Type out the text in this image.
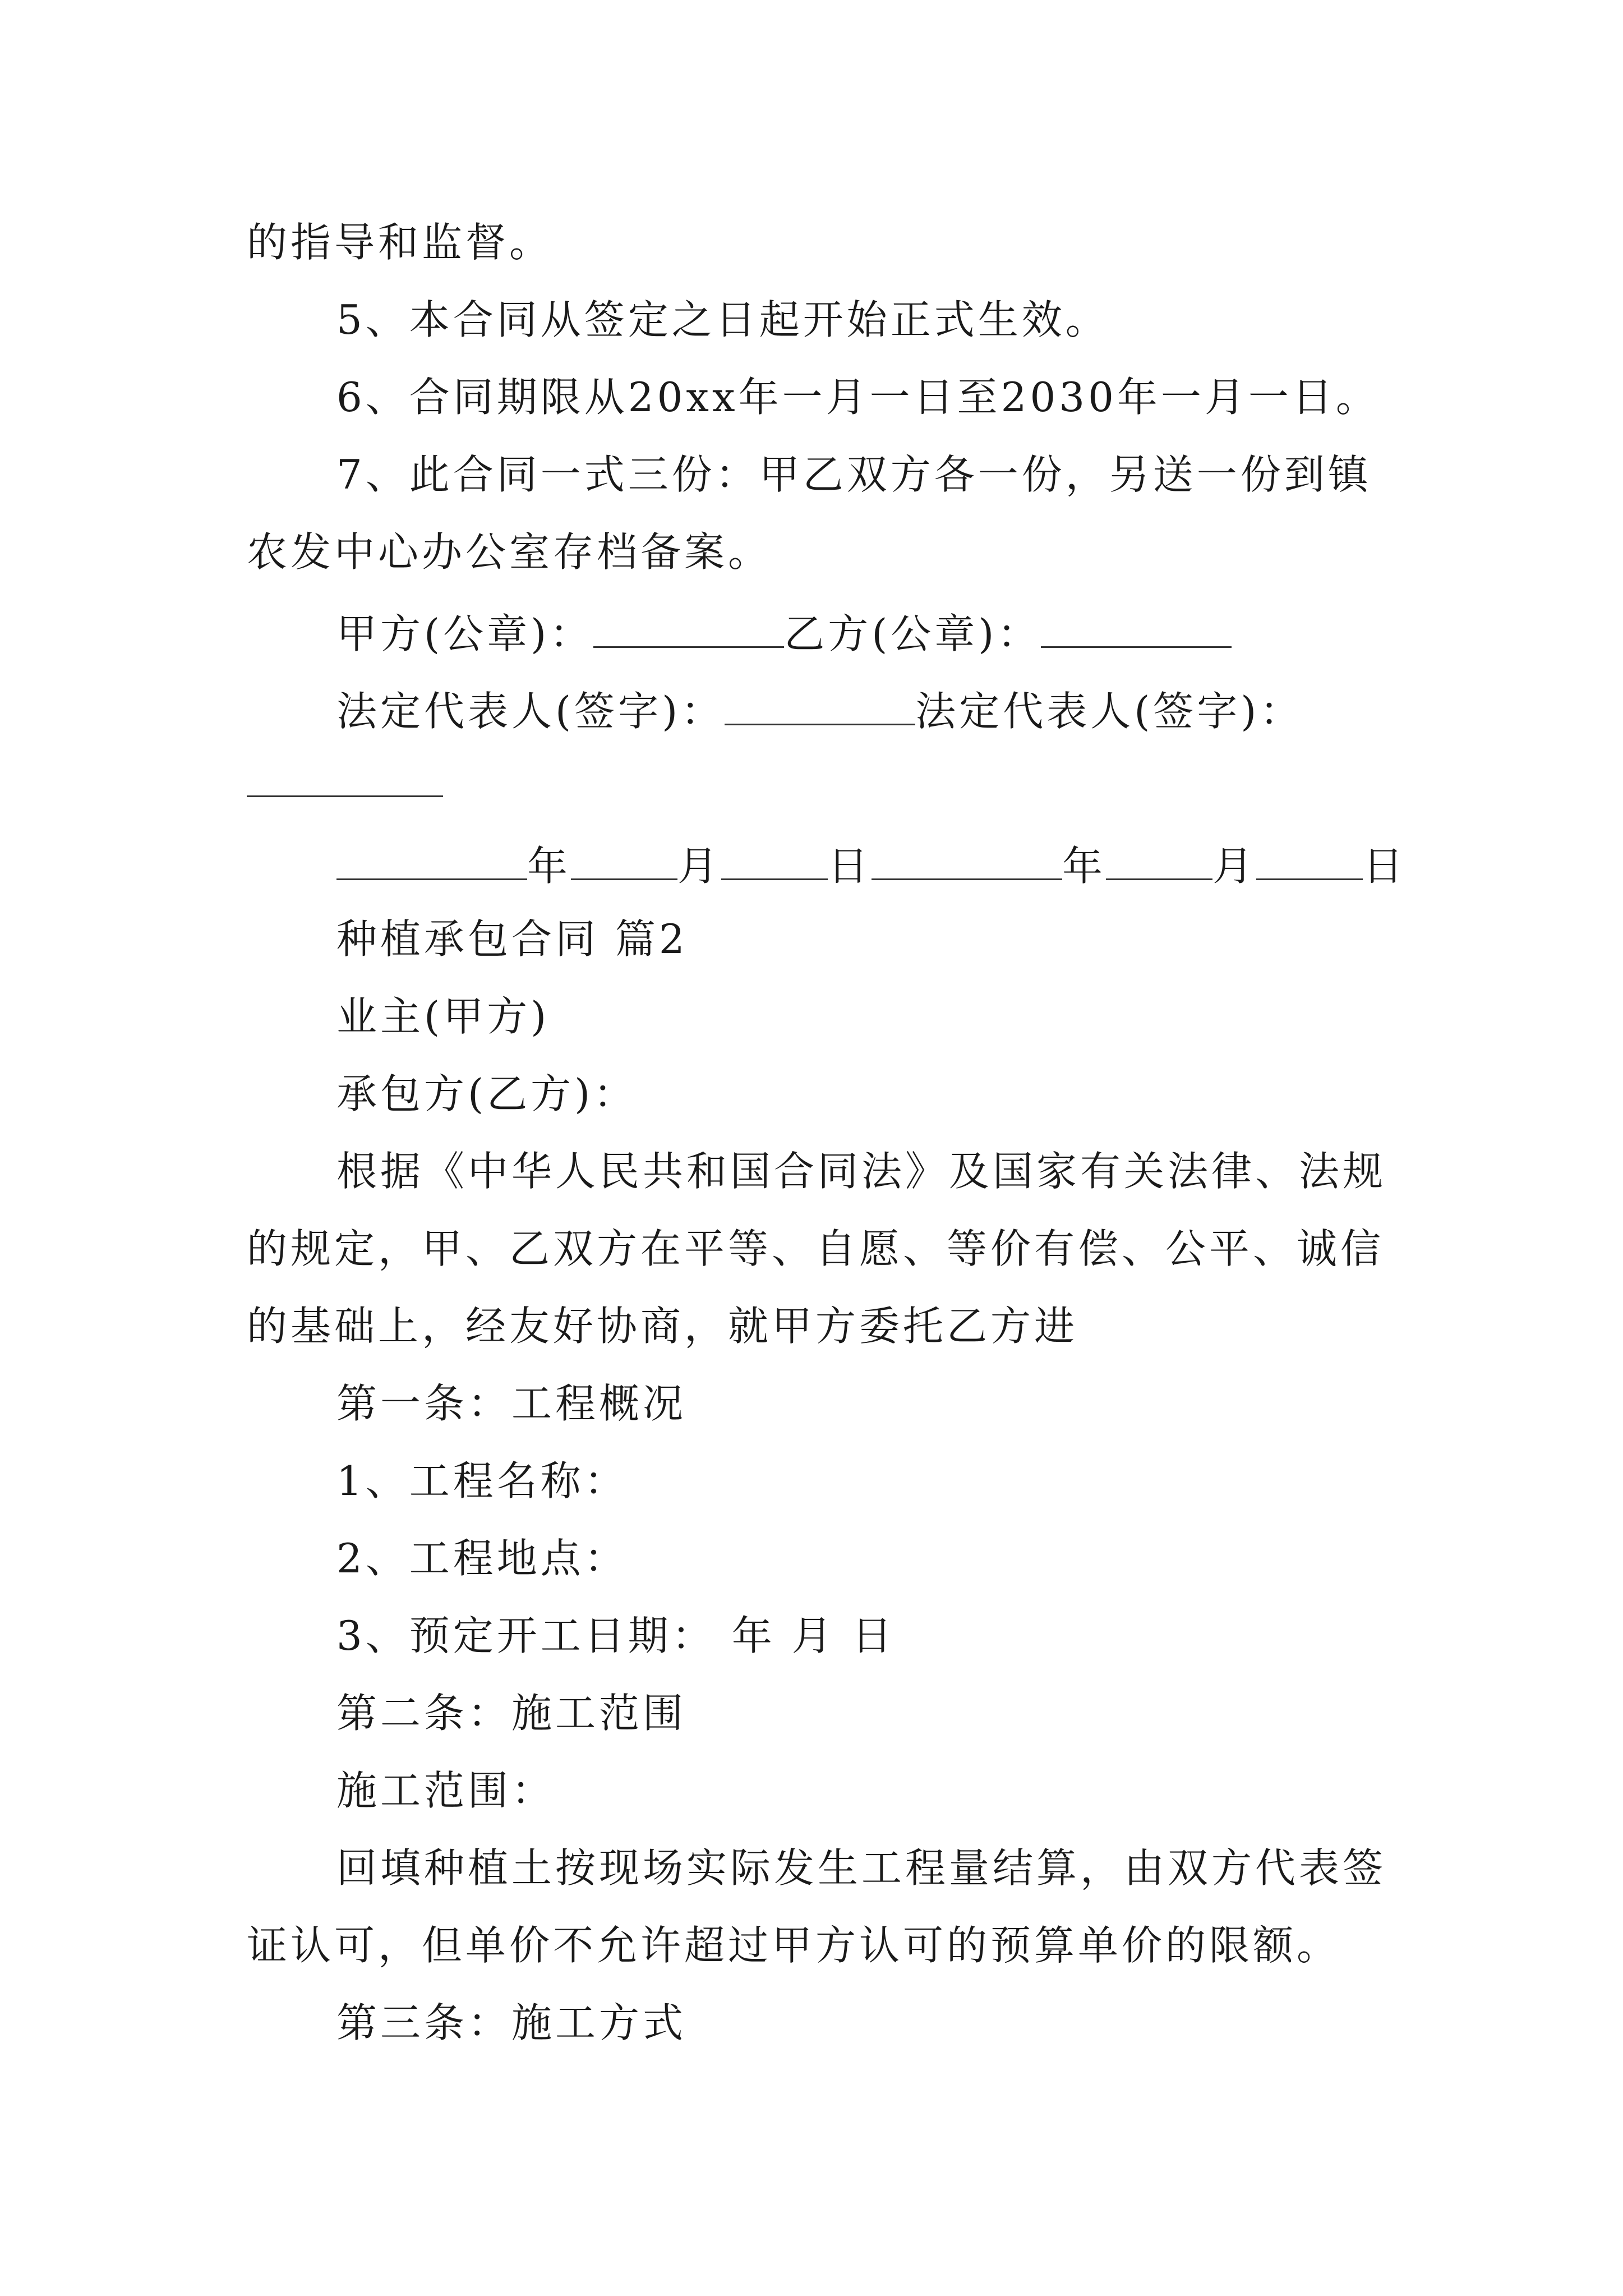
的指导和监督。
5、本合同从签定之日起开始正式生效。
6、合同期限从20xx年一月一日至2030年一月一日。
7、此合同一式三份：甲乙双方各一份，另送一份到镇
农发中心办公室存档备案。
甲方(公章)：	乙方(公章)：
法定代表人(签字)：	法定代表人(签字)：
年	月	日	年	月	日
种植承包合同 篇2
业主(甲方)
承包方(乙方)：
根据《中华人民共和国合同法》及国家有关法律、法规
的规定，甲、乙双方在平等、自愿、等价有偿、公平、诚信
的基础上，经友好协商，就甲方委托乙方进
第一条：工程概况
1、工程名称：
2、工程地点：
3、预定开工日期： 年 月 日
第二条：施工范围
施工范围：
回填种植土按现场实际发生工程量结算，由双方代表签
证认可，但单价不允许超过甲方认可的预算单价的限额。
第三条：施工方式
